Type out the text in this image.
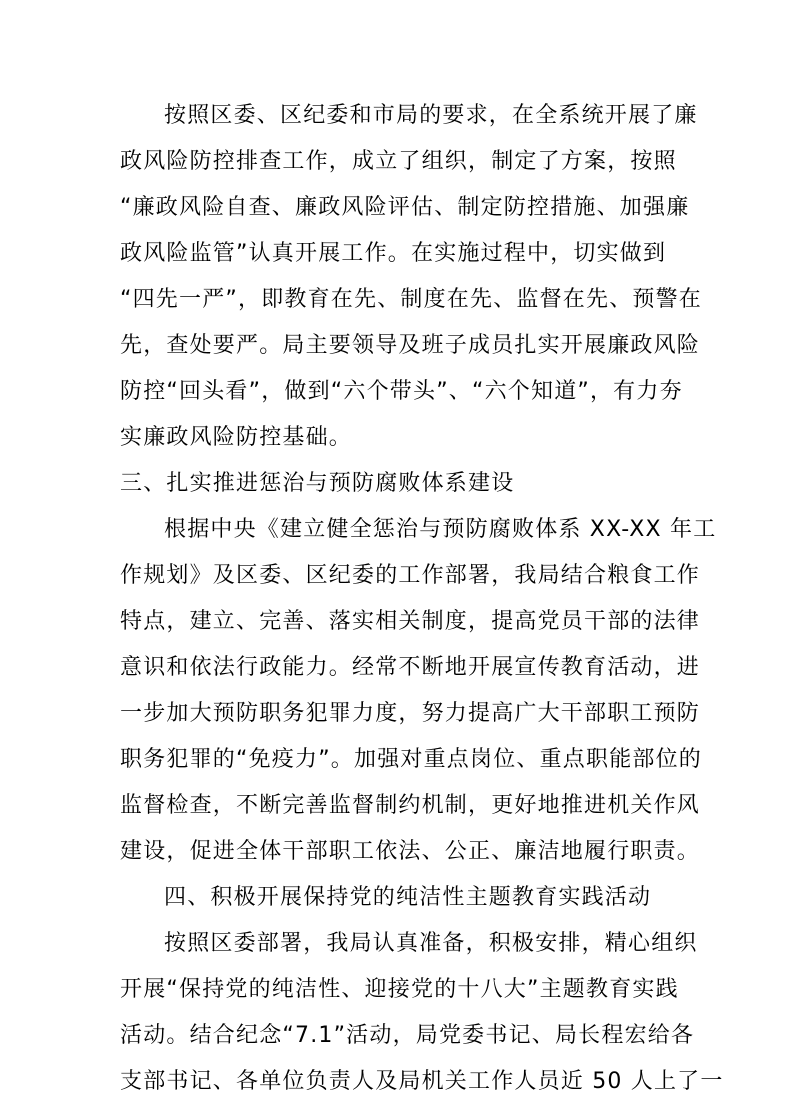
按照区委、区纪委和市局的要求，在全系统开展了廉
政风险防控排查工作，成立了组织，制定了方案，按照
“廉政风险自查、廉政风险评估、制定防控措施、加强廉
政风险监管”认真开展工作。在实施过程中，切实做到
“四先一严”，即教育在先、制度在先、监督在先、预警在
先，查处要严。局主要领导及班子成员扎实开展廉政风险
防控“回头看”，做到“六个带头”、“六个知道”，有力夯
实廉政风险防控基础。
三、扎实推进惩治与预防腐败体系建设
根据中央《建立健全惩治与预防腐败体系 XX-XX 年工
作规划》及区委、区纪委的工作部署，我局结合粮食工作
特点，建立、完善、落实相关制度，提高党员干部的法律
意识和依法行政能力。经常不断地开展宣传教育活动，进
一步加大预防职务犯罪力度，努力提高广大干部职工预防
职务犯罪的“免疫力”。加强对重点岗位、重点职能部位的
监督检查，不断完善监督制约机制，更好地推进机关作风
建设，促进全体干部职工依法、公正、廉洁地履行职责。
四、积极开展保持党的纯洁性主题教育实践活动
按照区委部署，我局认真准备，积极安排，精心组织
开展“保持党的纯洁性、迎接党的十八大”主题教育实践
活动。结合纪念“7.1”活动，局党委书记、局长程宏给各
支部书记、各单位负责人及局机关工作人员近 50 人上了一
